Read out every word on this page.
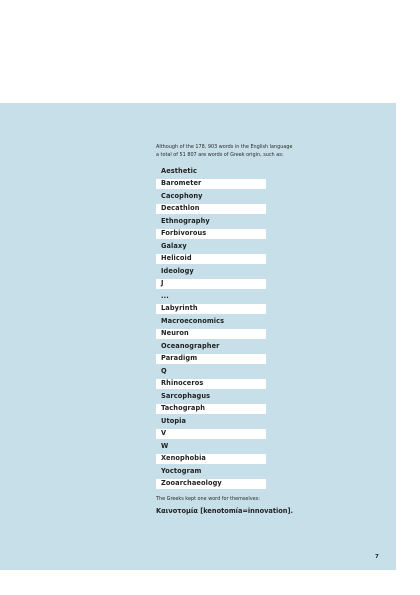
Although of the 178, 903 words in the English language
a total of 51 807 are words of Greek origin, such as:
Aesthetic
Barometer
Cacophony
Decathlon
Ethnography
Forbivorous
Galaxy
Helicoid
Ideology
J
...
Labyrinth
Macroeconomics
Neuron
Oceanographer
Paradigm
Q
Rhinoceros
Sarcophagus
Tachograph
Utopia
V
W
Xenophobia
Yoctogram
Zooarchaeology
The Greeks kept one word for themselves:
Καινοτομία [kenotomía=innovation].
7
